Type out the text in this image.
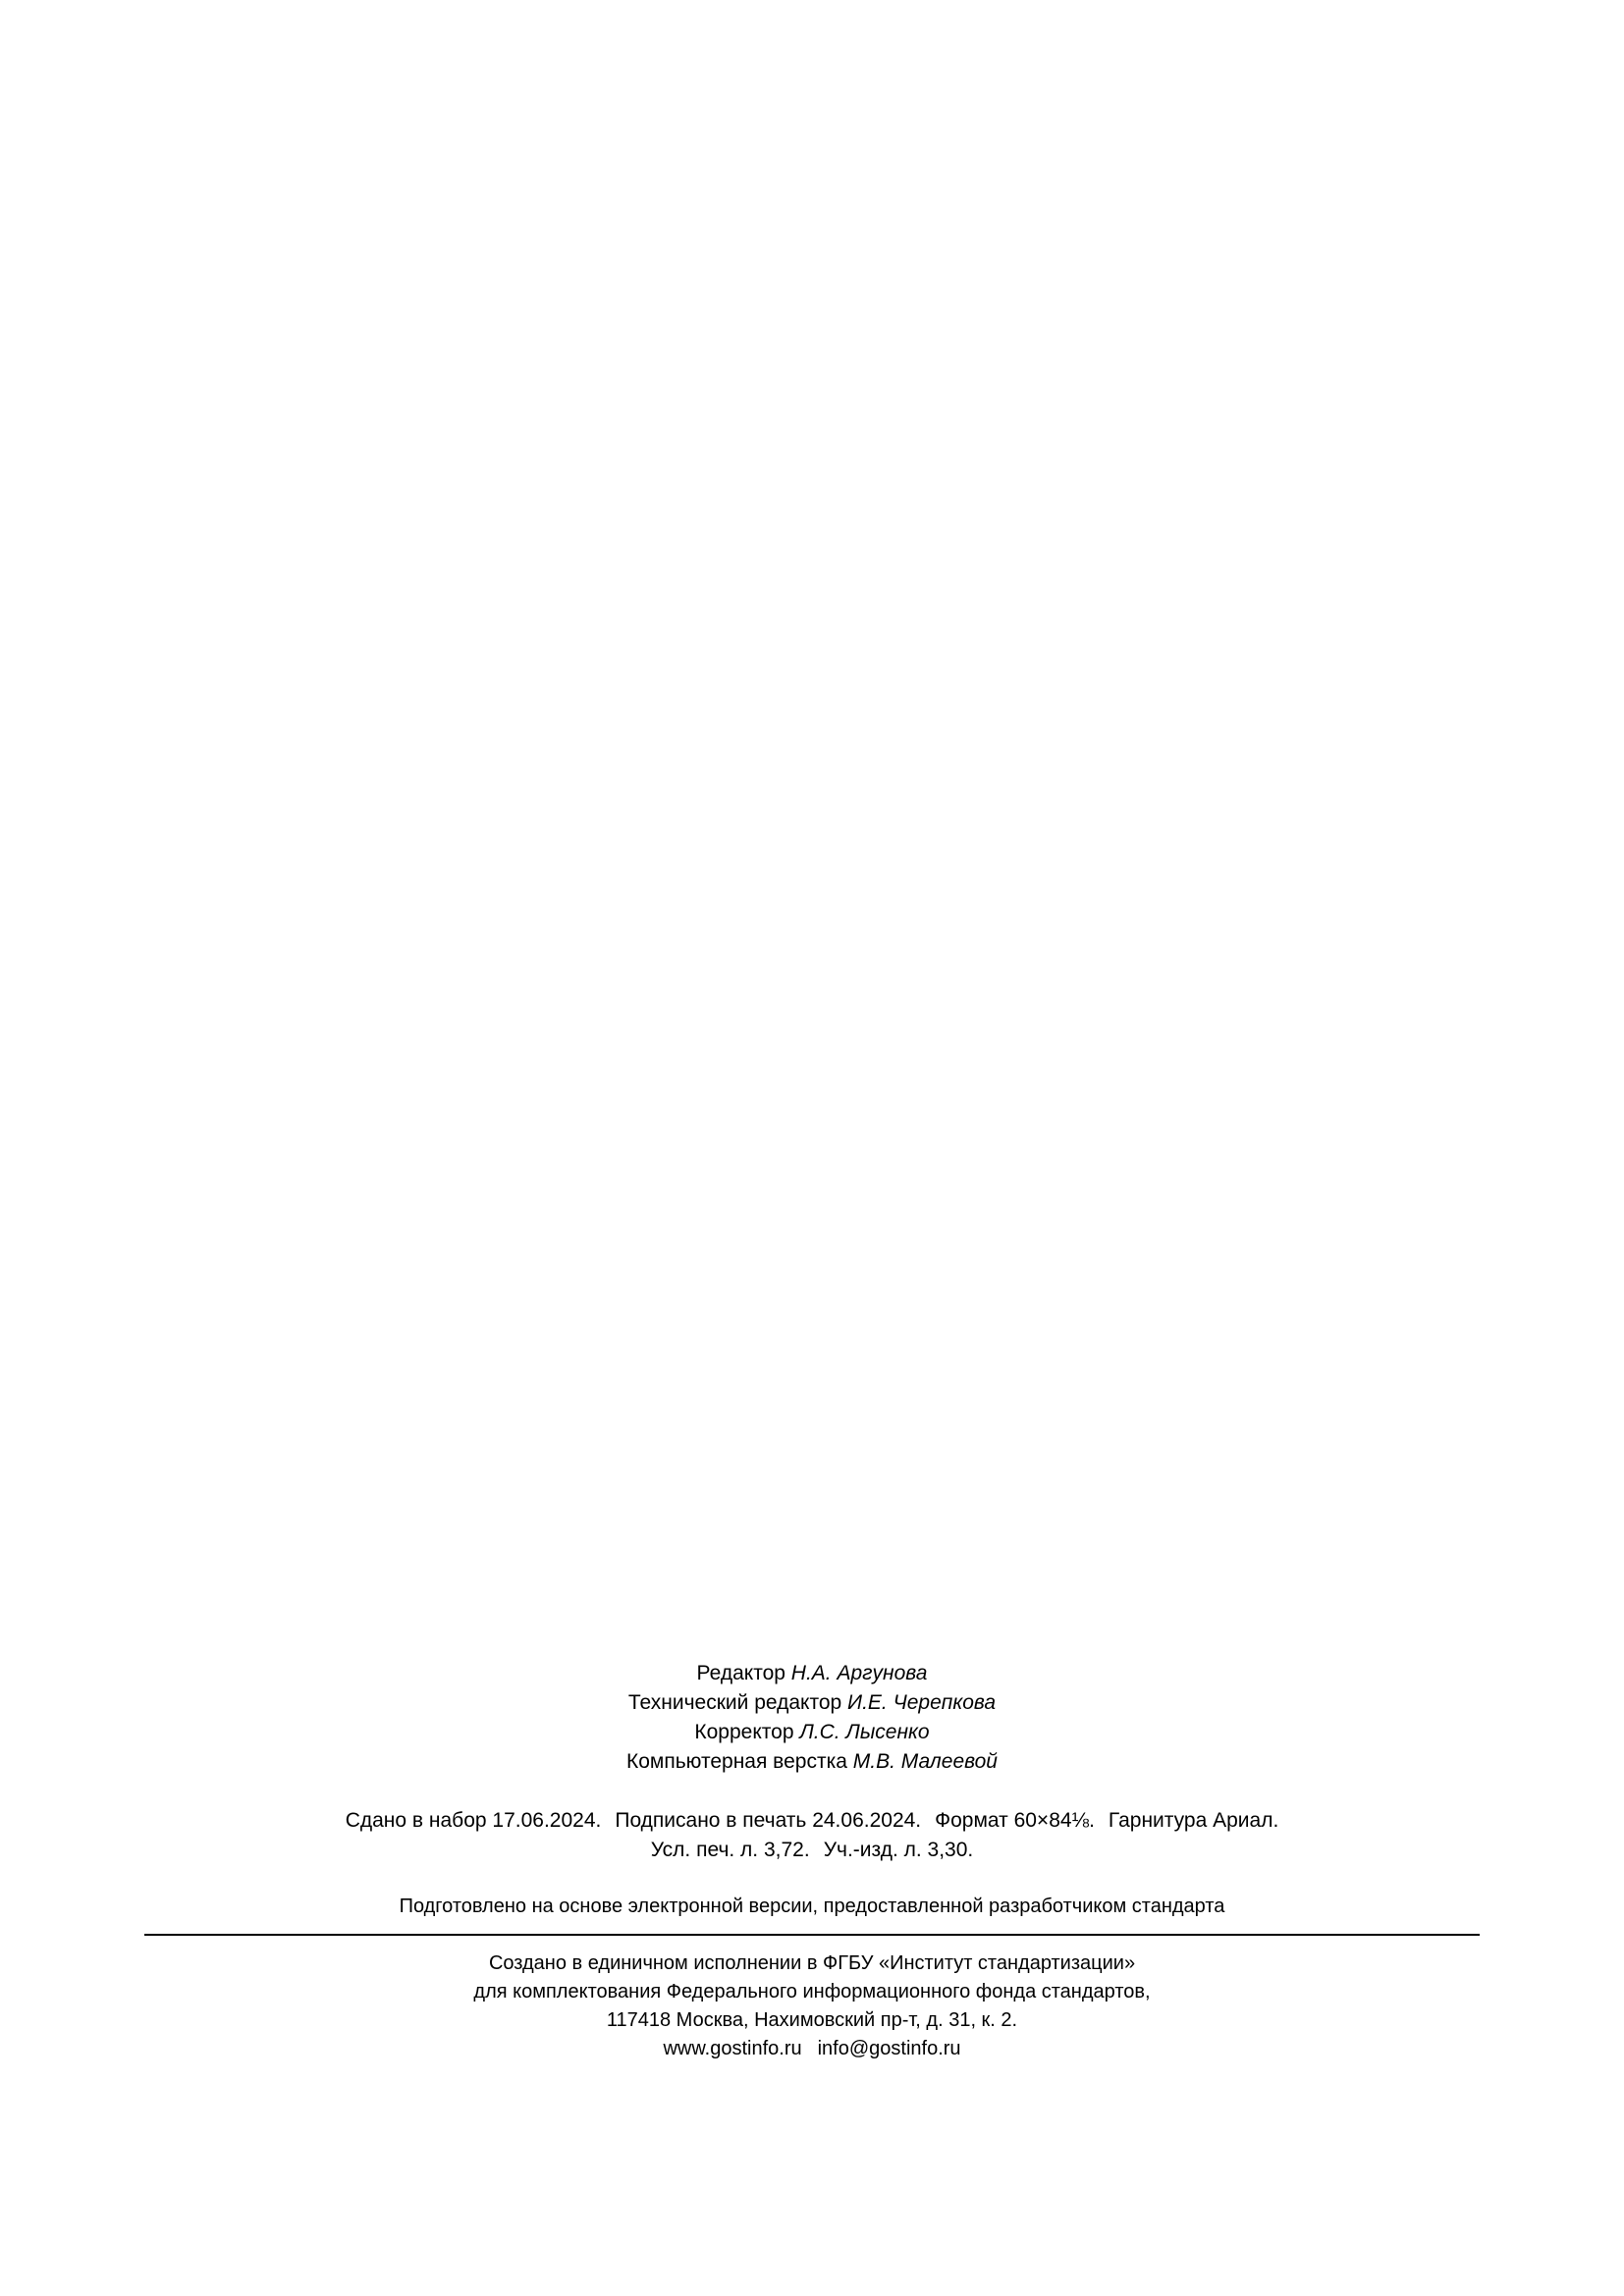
Редактор Н.А. Аргунова
Технический редактор И.Е. Черепкова
Корректор Л.С. Лысенко
Компьютерная верстка М.В. Малеевой
Сдано в набор 17.06.2024. Подписано в печать 24.06.2024. Формат 60×84⅛. Гарнитура Ариал.
Усл. печ. л. 3,72. Уч.-изд. л. 3,30.
Подготовлено на основе электронной версии, предоставленной разработчиком стандарта
Создано в единичном исполнении в ФГБУ «Институт стандартизации»
для комплектования Федерального информационного фонда стандартов,
117418 Москва, Нахимовский пр-т, д. 31, к. 2.
www.gostinfo.ru info@gostinfo.ru
